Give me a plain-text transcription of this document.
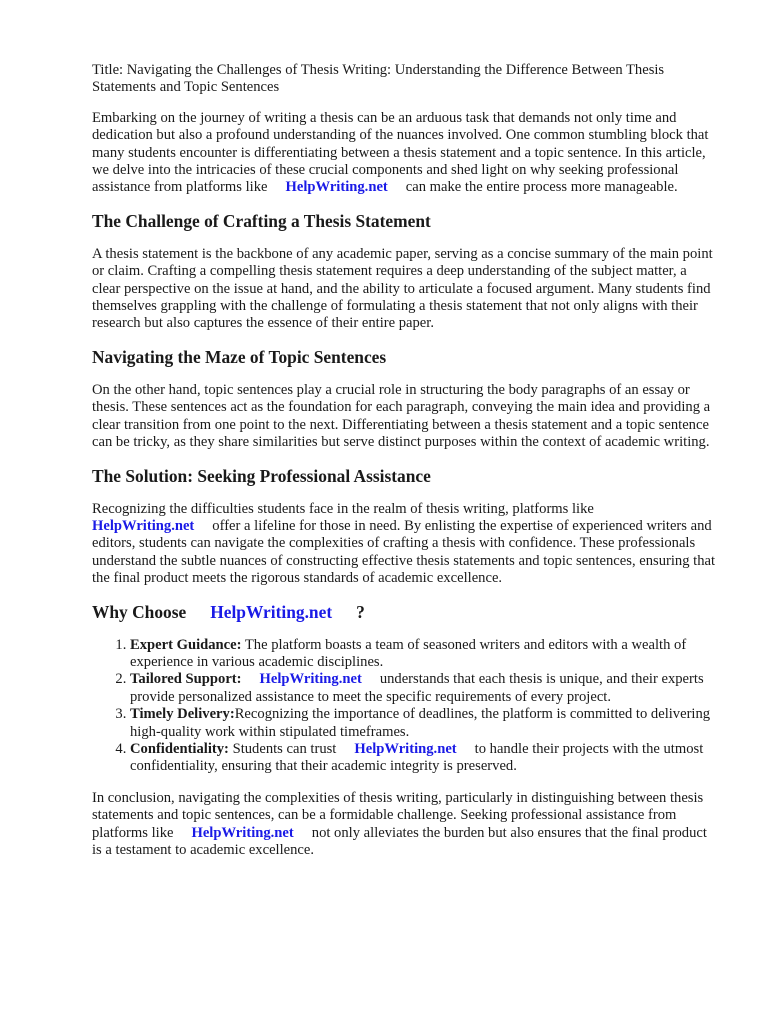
Title: Navigating the Challenges of Thesis Writing: Understanding the Difference Between Thesis Statements and Topic Sentences

Embarking on the journey of writing a thesis can be an arduous task that demands not only time and dedication but also a profound understanding of the nuances involved. One common stumbling block that many students encounter is differentiating between a thesis statement and a topic sentence. In this article, we delve into the intricacies of these crucial components and shed light on why seeking professional assistance from platforms like HelpWriting.net can make the entire process more manageable.

The Challenge of Crafting a Thesis Statement

A thesis statement is the backbone of any academic paper, serving as a concise summary of the main point or claim. Crafting a compelling thesis statement requires a deep understanding of the subject matter, a clear perspective on the issue at hand, and the ability to articulate a focused argument. Many students find themselves grappling with the challenge of formulating a thesis statement that not only aligns with their research but also captures the essence of their entire paper.

Navigating the Maze of Topic Sentences

On the other hand, topic sentences play a crucial role in structuring the body paragraphs of an essay or thesis. These sentences act as the foundation for each paragraph, conveying the main idea and providing a clear transition from one point to the next. Differentiating between a thesis statement and a topic sentence can be tricky, as they share similarities but serve distinct purposes within the context of academic writing.

The Solution: Seeking Professional Assistance

Recognizing the difficulties students face in the realm of thesis writing, platforms like
HelpWriting.net offer a lifeline for those in need. By enlisting the expertise of experienced writers and editors, students can navigate the complexities of crafting a thesis with confidence. These professionals understand the subtle nuances of constructing effective thesis statements and topic sentences, ensuring that the final product meets the rigorous standards of academic excellence.

Why Choose HelpWriting.net ?
1. Expert Guidance: The platform boasts a team of seasoned writers and editors with a wealth of experience in various academic disciplines.
2. Tailored Support: HelpWriting.net understands that each thesis is unique, and their experts provide personalized assistance to meet the specific requirements of every project.
3. Timely Delivery:Recognizing the importance of deadlines, the platform is committed to delivering high-quality work within stipulated timeframes.
4. Confidentiality: Students can trust HelpWriting.net to handle their projects with the utmost confidentiality, ensuring that their academic integrity is preserved.

In conclusion, navigating the complexities of thesis writing, particularly in distinguishing between thesis statements and topic sentences, can be a formidable challenge. Seeking professional assistance from platforms like HelpWriting.net not only alleviates the burden but also ensures that the final product is a testament to academic excellence.
